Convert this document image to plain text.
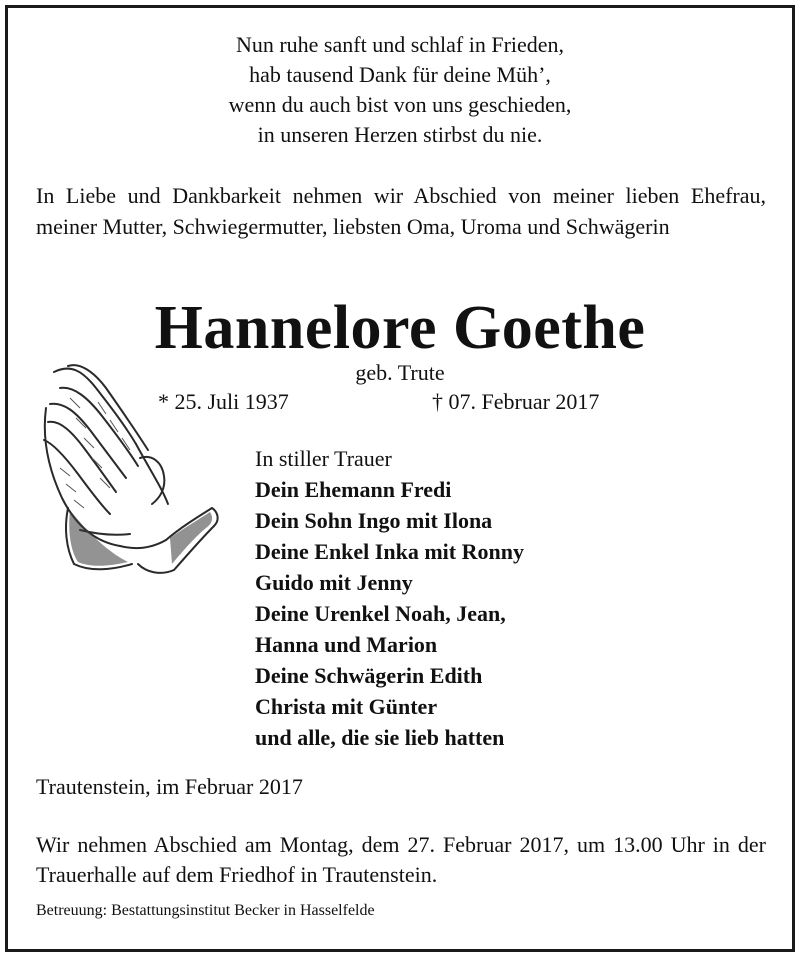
Nun ruhe sanft und schlaf in Frieden,
hab tausend Dank für deine Müh’,
wenn du auch bist von uns geschieden,
in unseren Herzen stirbst du nie.
In Liebe und Dankbarkeit nehmen wir Abschied von meiner lieben Ehefrau, meiner Mutter, Schwiegermutter, liebsten Oma, Uroma und Schwägerin
Hannelore Goethe
geb. Trute
* 25. Juli 1937	† 07. Februar 2017
In stiller Trauer
Dein Ehemann Fredi
Dein Sohn Ingo mit Ilona
Deine Enkel Inka mit Ronny
Guido mit Jenny
Deine Urenkel Noah, Jean,
Hanna und Marion
Deine Schwägerin Edith
Christa mit Günter
und alle, die sie lieb hatten
Trautenstein, im Februar 2017
Wir nehmen Abschied am Montag, dem 27. Februar 2017, um 13.00 Uhr in der Trauerhalle auf dem Friedhof in Trautenstein.
Betreuung: Bestattungsinstitut Becker in Hasselfelde
